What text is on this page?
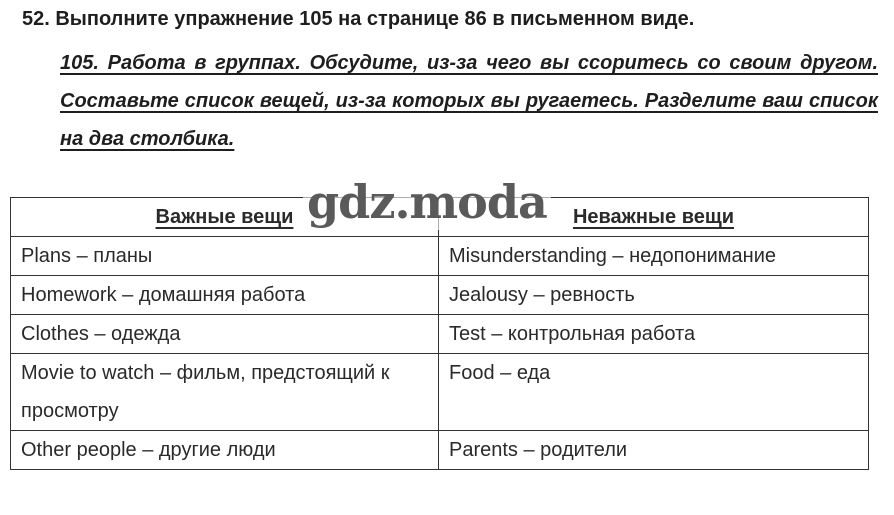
52. Выполните упражнение 105 на странице 86 в письменном виде.
105. Работа в группах. Обсудите, из-за чего вы ссоритесь со своим другом. Составьте список вещей, из-за которых вы ругаетесь. Разделите ваш список на два столбика.
Важные вещи	Неважные вещи
Plans – планы	Misunderstanding – недопонимание
Homework – домашняя работа	Jealousy – ревность
Clothes – одежда	Test – контрольная работа
Movie to watch – фильм, предстоящий к просмотру	Food – еда
Other people – другие люди	Parents – родители
gdz.moda
